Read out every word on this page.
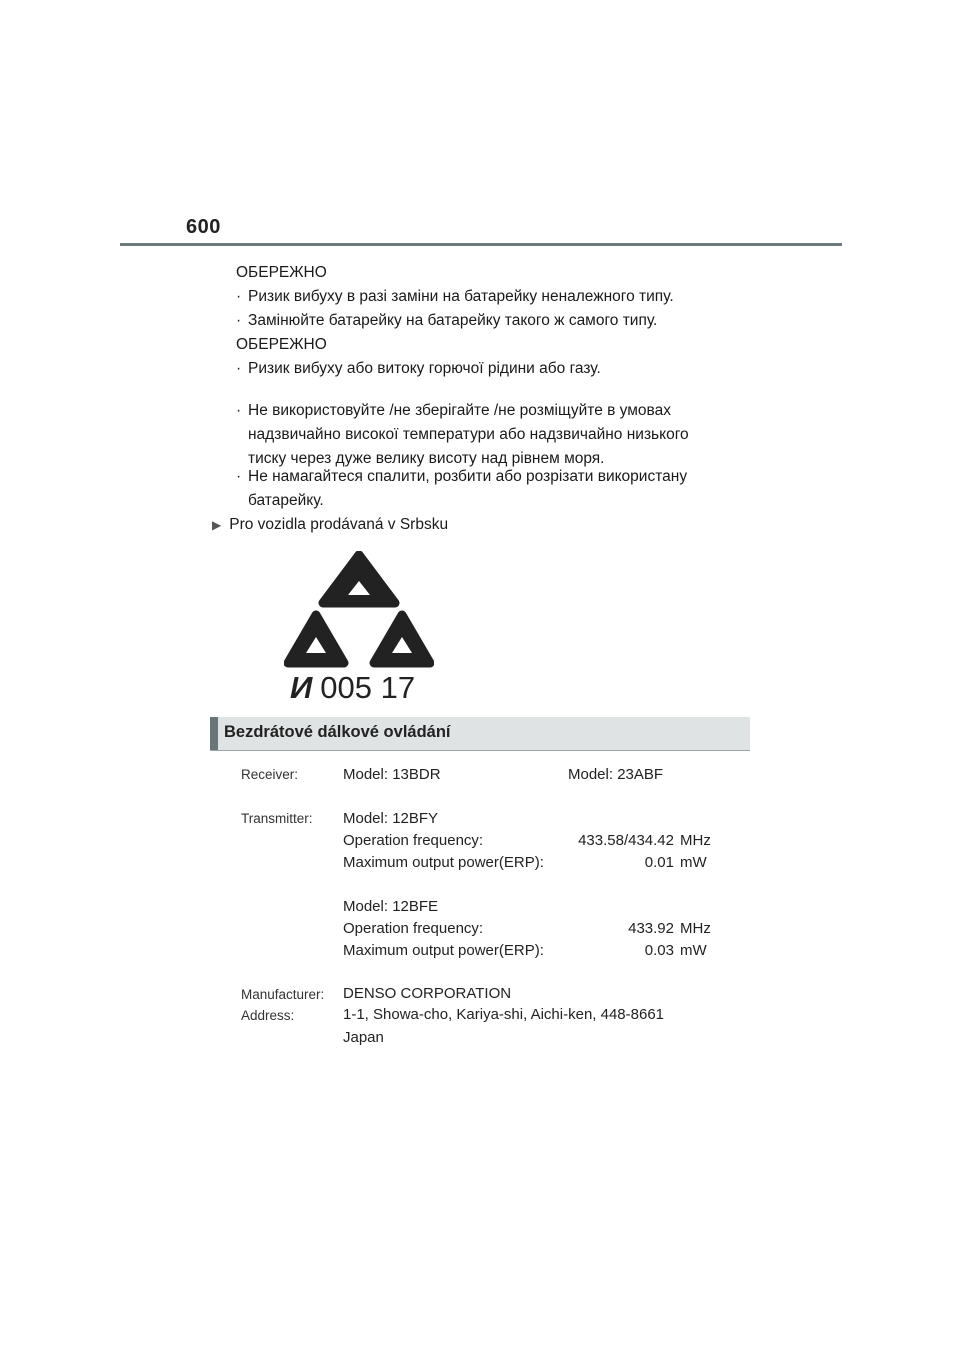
600
ОБЕРЕЖНО
· Ризик вибуху в разі заміни на батарейку неналежного типу.
· Замінюйте батарейку на батарейку такого ж самого типу.
ОБЕРЕЖНО
· Ризик вибуху або витоку горючої рідини або газу.
· Не використовуйте /не зберігайте /не розміщуйте в умовах
надзвичайно високої температури або надзвичайно низького
тиску через дуже велику висоту над рівнем моря.
· Не намагайтеся спалити, розбити або розрізати використану
батарейку.
▶ Pro vozidla prodávaná v Srbsku
И 005 17
Bezdrátové dálkové ovládání
Receiver:	Model: 13BDR	Model: 23ABF
Transmitter: Model: 12BFY
Operation frequency:	433.58/434.42 MHz
Maximum output power(ERP):	0.01 mW
Model: 12BFE
Operation frequency:	433.92 MHz
Maximum output power(ERP):	0.03 mW
Manufacturer: DENSO CORPORATION
Address:	1-1, Showa-cho, Kariya-shi, Aichi-ken, 448-8661
Japan
